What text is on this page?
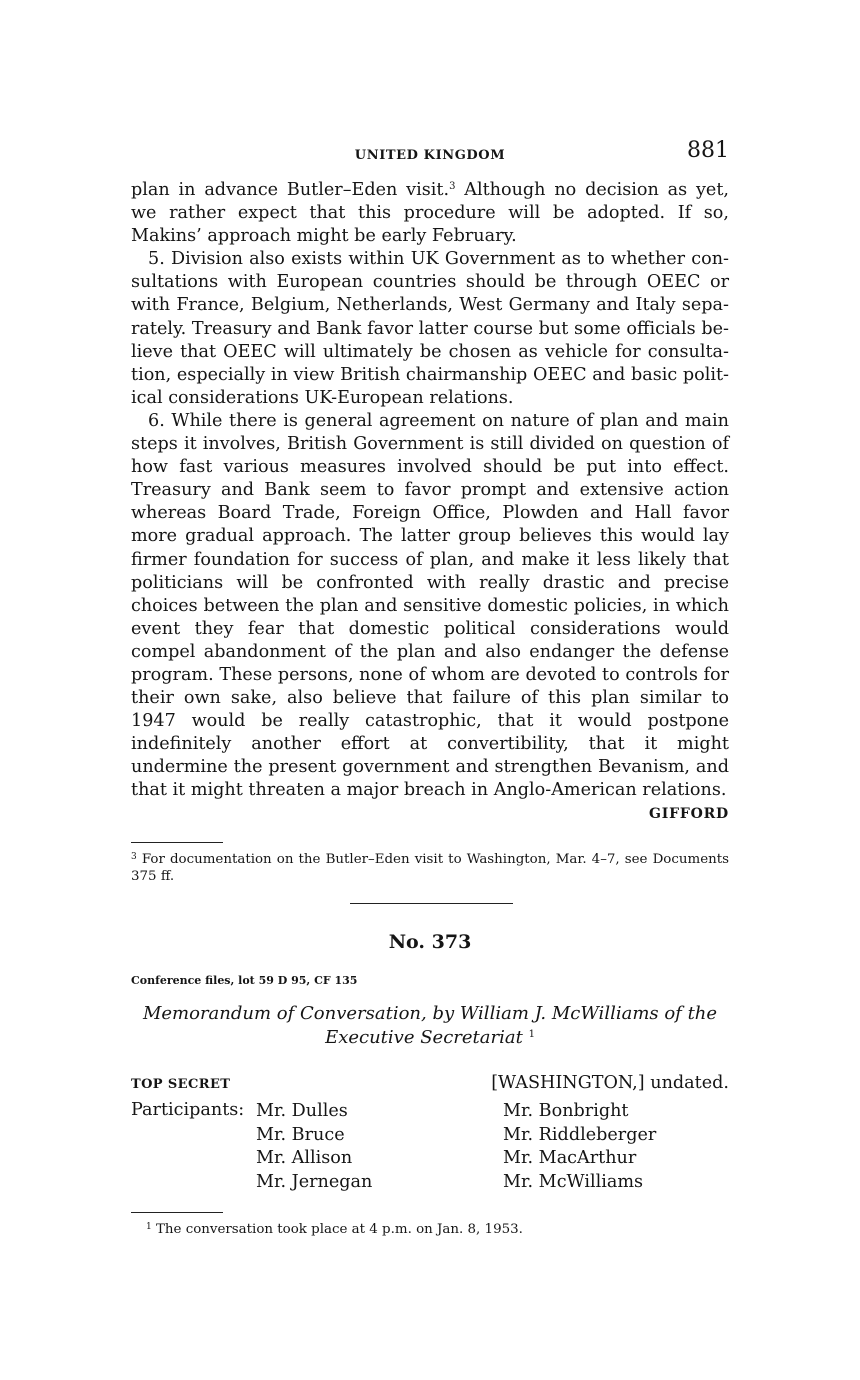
UNITED KINGDOM	881

plan in advance Butler–Eden visit.$^3$ Although no decision as yet, we rather expect that this procedure will be adopted. If so, Makins’ approach might be early February.

5. Division also exists within UK Government as to whether consultations with European countries should be through OEEC or with France, Belgium, Netherlands, West Germany and Italy separately. Treasury and Bank favor latter course but some officials believe that OEEC will ultimately be chosen as vehicle for consultation, especially in view British chairmanship OEEC and basic political considerations UK-European relations.

6. While there is general agreement on nature of plan and main steps it involves, British Government is still divided on question of how fast various measures involved should be put into effect. Treasury and Bank seem to favor prompt and extensive action whereas Board Trade, Foreign Office, Plowden and Hall favor more gradual approach. The latter group believes this would lay firmer foundation for success of plan, and make it less likely that politicians will be confronted with really drastic and precise choices between the plan and sensitive domestic policies, in which event they fear that domestic political considerations would compel abandonment of the plan and also endanger the defense program. These persons, none of whom are devoted to controls for their own sake, also believe that failure of this plan similar to 1947 would be really catastrophic, that it would postpone indefinitely another effort at convertibility, that it might undermine the present government and strengthen Bevanism, and that it might threaten a major breach in Anglo-American relations.

GIFFORD
$^3$ For documentation on the Butler–Eden visit to Washington, Mar. 4–7, see Documents 375 ff.
No. 373
Conference files, lot 59 D 95, CF 135
Memorandum of Conversation, by William J. McWilliams of the
Executive Secretariat $^1$
TOP SECRET	[WASHINGTON,] undated.
Participants: Mr. Dulles
Mr. Bruce
Mr. Allison
Mr. Jernegan
Mr. Bonbright
Mr. Riddleberger
Mr. MacArthur
Mr. McWilliams
$^1$ The conversation took place at 4 p.m. on Jan. 8, 1953.
